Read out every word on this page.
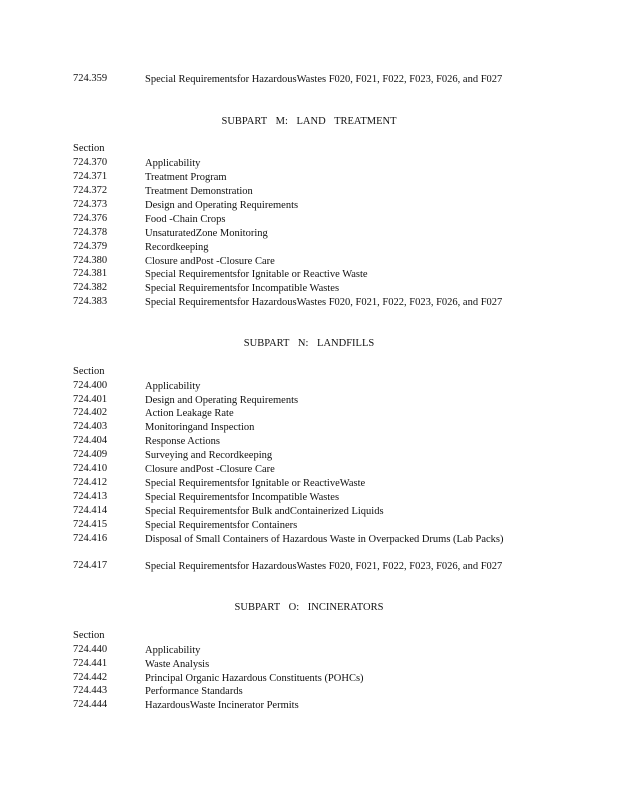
724.359	Special Requirementsfor HazardousWastes F020, F021, F022, F023, F026, and F027
SUBPART M: LAND TREATMENT
Section
724.370	Applicability
724.371	Treatment Program
724.372	Treatment Demonstration
724.373	Design and Operating Requirements
724.376	Food -Chain Crops
724.378	UnsaturatedZone Monitoring
724.379	Recordkeeping
724.380	Closure andPost -Closure Care
724.381	Special Requirementsfor Ignitable or Reactive Waste
724.382	Special Requirementsfor Incompatible Wastes
724.383	Special Requirementsfor HazardousWastes F020, F021, F022, F023, F026, and F027
SUBPART N: LANDFILLS
Section
724.400	Applicability
724.401	Design and Operating Requirements
724.402	Action Leakage Rate
724.403	Monitoringand Inspection
724.404	Response Actions
724.409	Surveying and Recordkeeping
724.410	Closure andPost -Closure Care
724.412	Special Requirementsfor Ignitable or ReactiveWaste
724.413	Special Requirementsfor Incompatible Wastes
724.414	Special Requirementsfor Bulk andContainerized Liquids
724.415	Special Requirementsfor Containers
724.416	Disposal of Small Containers of Hazardous Waste in Overpacked Drums (Lab Packs)
724.417	Special Requirementsfor HazardousWastes F020, F021, F022, F023, F026, and F027
SUBPART O: INCINERATORS
Section
724.440	Applicability
724.441	Waste Analysis
724.442	Principal Organic Hazardous Constituents (POHCs)
724.443	Performance Standards
724.444	HazardousWaste Incinerator Permits
